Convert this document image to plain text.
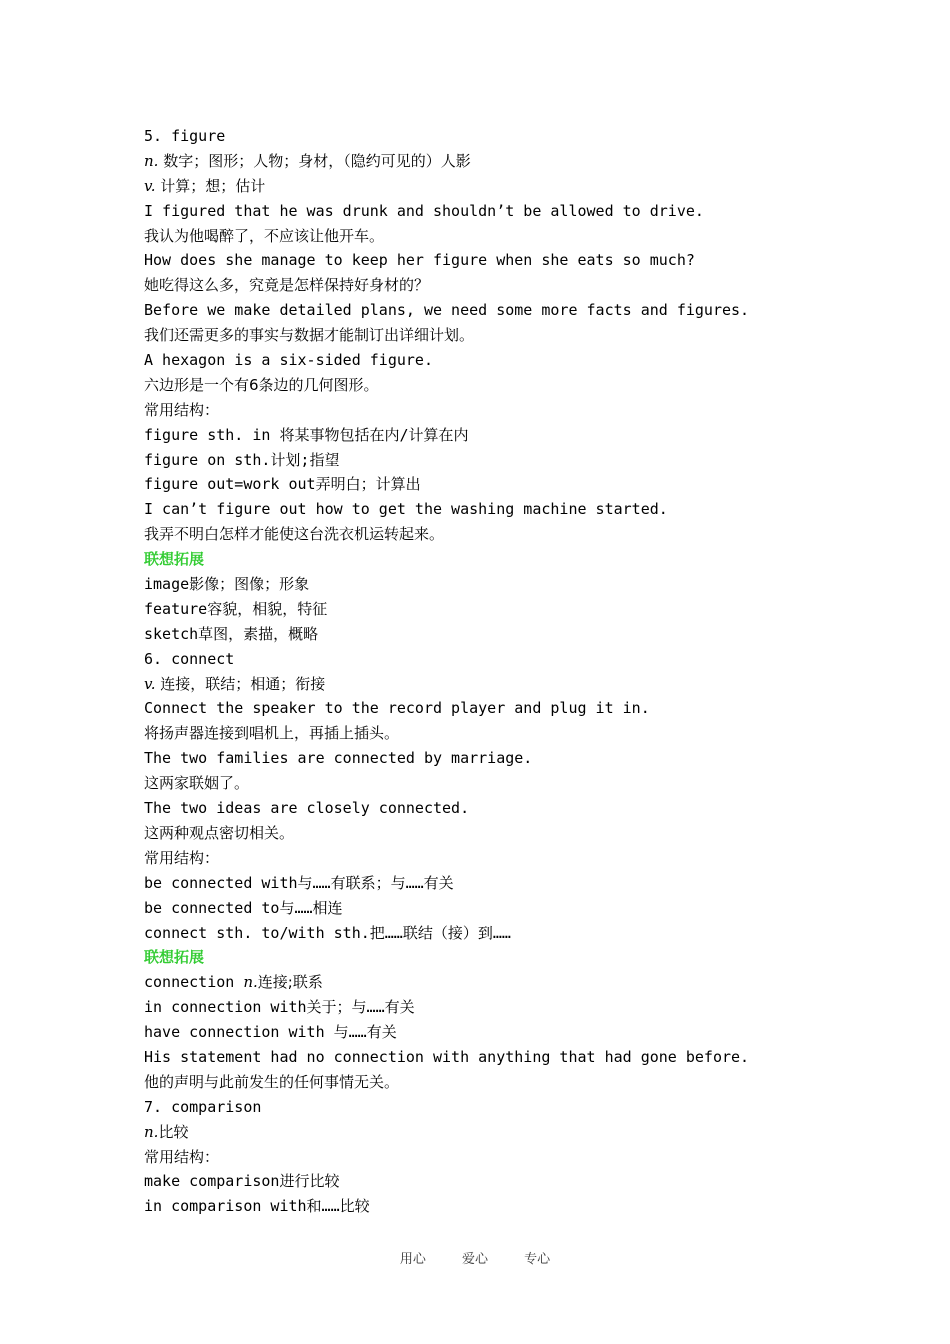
5. figure
n. 数字；图形；人物；身材，（隐约可见的）人影
v. 计算；想；估计
I figured that he was drunk and shouldn’t be allowed to drive.
我认为他喝醉了，不应该让他开车。
How does she manage to keep her figure when she eats so much?
她吃得这么多，究竟是怎样保持好身材的？
Before we make detailed plans, we need some more facts and figures.
我们还需更多的事实与数据才能制订出详细计划。
A hexagon is a six-sided figure.
六边形是一个有6条边的几何图形。
常用结构：
figure sth. in 将某事物包括在内/计算在内
figure on sth.计划;指望
figure out=work out弄明白；计算出
I can’t figure out how to get the washing machine started.
我弄不明白怎样才能使这台洗衣机运转起来。
联想拓展
image影像；图像；形象
feature容貌，相貌，特征
sketch草图，素描，概略
6. connect
v. 连接，联结；相通；衔接
Connect the speaker to the record player and plug it in.
将扬声器连接到唱机上，再插上插头。
The two families are connected by marriage.
这两家联姻了。
The two ideas are closely connected.
这两种观点密切相关。
常用结构：
be connected with与……有联系；与……有关
be connected to与……相连
connect sth. to/with sth.把……联结（接）到……
联想拓展
connection n.连接;联系
in connection with关于；与……有关
have connection with 与……有关
His statement had no connection with anything that had gone before.
他的声明与此前发生的任何事情无关。
7. comparison
n.比较
常用结构：
make comparison进行比较
in comparison with和……比较
用心	爱心	专心
